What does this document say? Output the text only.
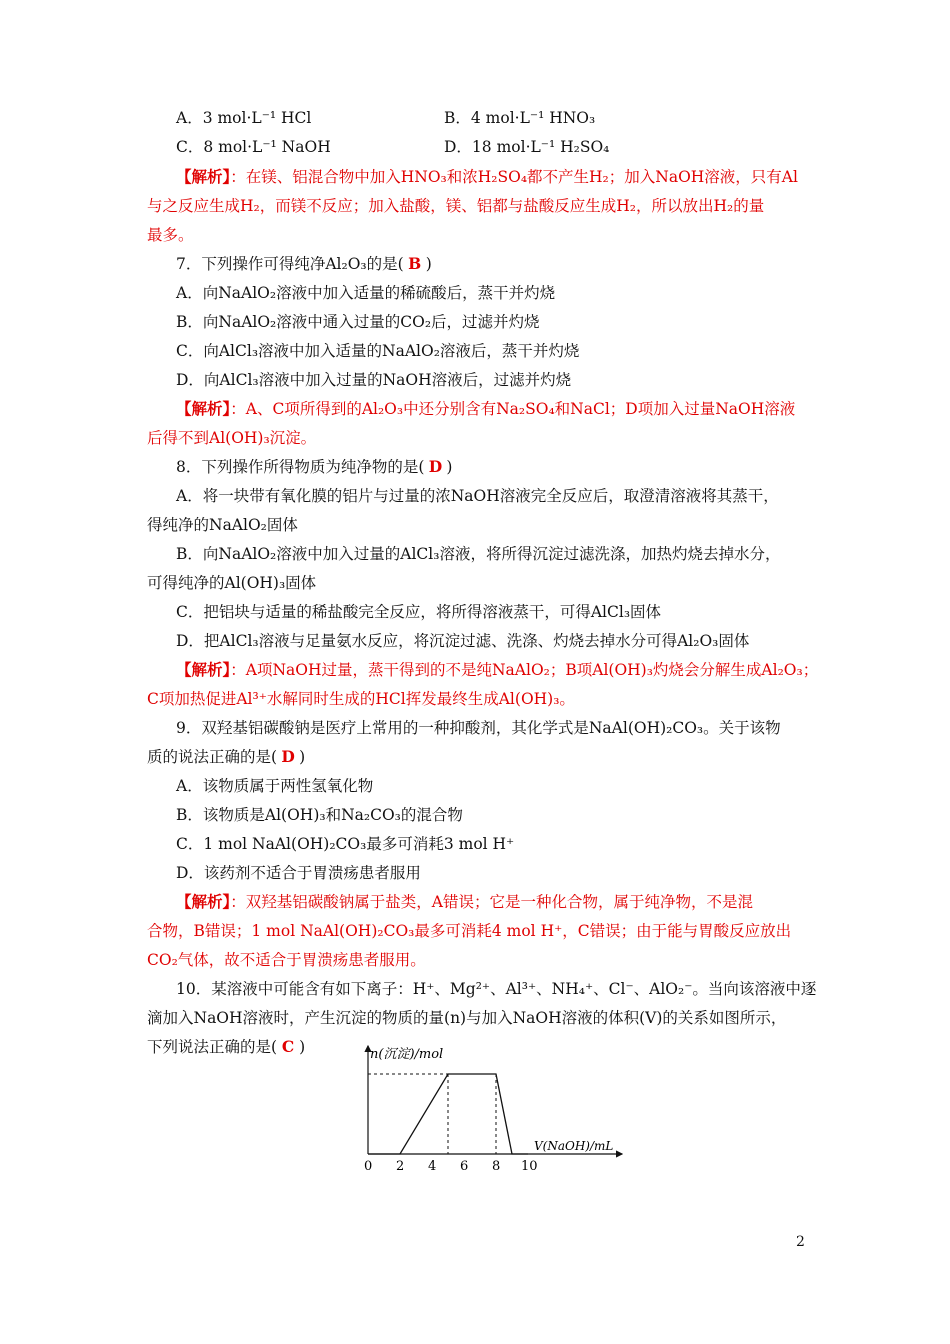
A．3 mol·L⁻¹ HCl	B．4 mol·L⁻¹ HNO₃
C．8 mol·L⁻¹ NaOH	D．18 mol·L⁻¹ H₂SO₄
【解析】：在镁、铝混合物中加入HNO₃和浓H₂SO₄都不产生H₂；加入NaOH溶液，只有Al
与之反应生成H₂，而镁不反应；加入盐酸，镁、铝都与盐酸反应生成H₂，所以放出H₂的量
最多。
7．下列操作可得纯净Al₂O₃的是( B )
A．向NaAlO₂溶液中加入适量的稀硫酸后，蒸干并灼烧
B．向NaAlO₂溶液中通入过量的CO₂后，过滤并灼烧
C．向AlCl₃溶液中加入适量的NaAlO₂溶液后，蒸干并灼烧
D．向AlCl₃溶液中加入过量的NaOH溶液后，过滤并灼烧
【解析】：A、C项所得到的Al₂O₃中还分别含有Na₂SO₄和NaCl；D项加入过量NaOH溶液
后得不到Al(OH)₃沉淀。
8．下列操作所得物质为纯净物的是( D )
A．将一块带有氧化膜的铝片与过量的浓NaOH溶液完全反应后，取澄清溶液将其蒸干，
得纯净的NaAlO₂固体
B．向NaAlO₂溶液中加入过量的AlCl₃溶液，将所得沉淀过滤洗涤，加热灼烧去掉水分，
可得纯净的Al(OH)₃固体
C．把铝块与适量的稀盐酸完全反应，将所得溶液蒸干，可得AlCl₃固体
D．把AlCl₃溶液与足量氨水反应，将沉淀过滤、洗涤、灼烧去掉水分可得Al₂O₃固体
【解析】：A项NaOH过量，蒸干得到的不是纯NaAlO₂；B项Al(OH)₃灼烧会分解生成Al₂O₃；
C项加热促进Al³⁺水解同时生成的HCl挥发最终生成Al(OH)₃。
9．双羟基铝碳酸钠是医疗上常用的一种抑酸剂，其化学式是NaAl(OH)₂CO₃。关于该物
质的说法正确的是( D )
A．该物质属于两性氢氧化物
B．该物质是Al(OH)₃和Na₂CO₃的混合物
C．1 mol NaAl(OH)₂CO₃最多可消耗3 mol H⁺
D．该药剂不适合于胃溃疡患者服用
【解析】：双羟基铝碳酸钠属于盐类，A错误；它是一种化合物，属于纯净物，不是混
合物，B错误；1 mol NaAl(OH)₂CO₃最多可消耗4 mol H⁺，C错误；由于能与胃酸反应放出
CO₂气体，故不适合于胃溃疡患者服用。
10．某溶液中可能含有如下离子：H⁺、Mg²⁺、Al³⁺、NH₄⁺、Cl⁻、AlO₂⁻。当向该溶液中逐
滴加入NaOH溶液时，产生沉淀的物质的量(n)与加入NaOH溶液的体积(V)的关系如图所示，
下列说法正确的是( C )	n(沉淀)/mol
V(NaOH)/mL
0 2 4 6 8 10
2
